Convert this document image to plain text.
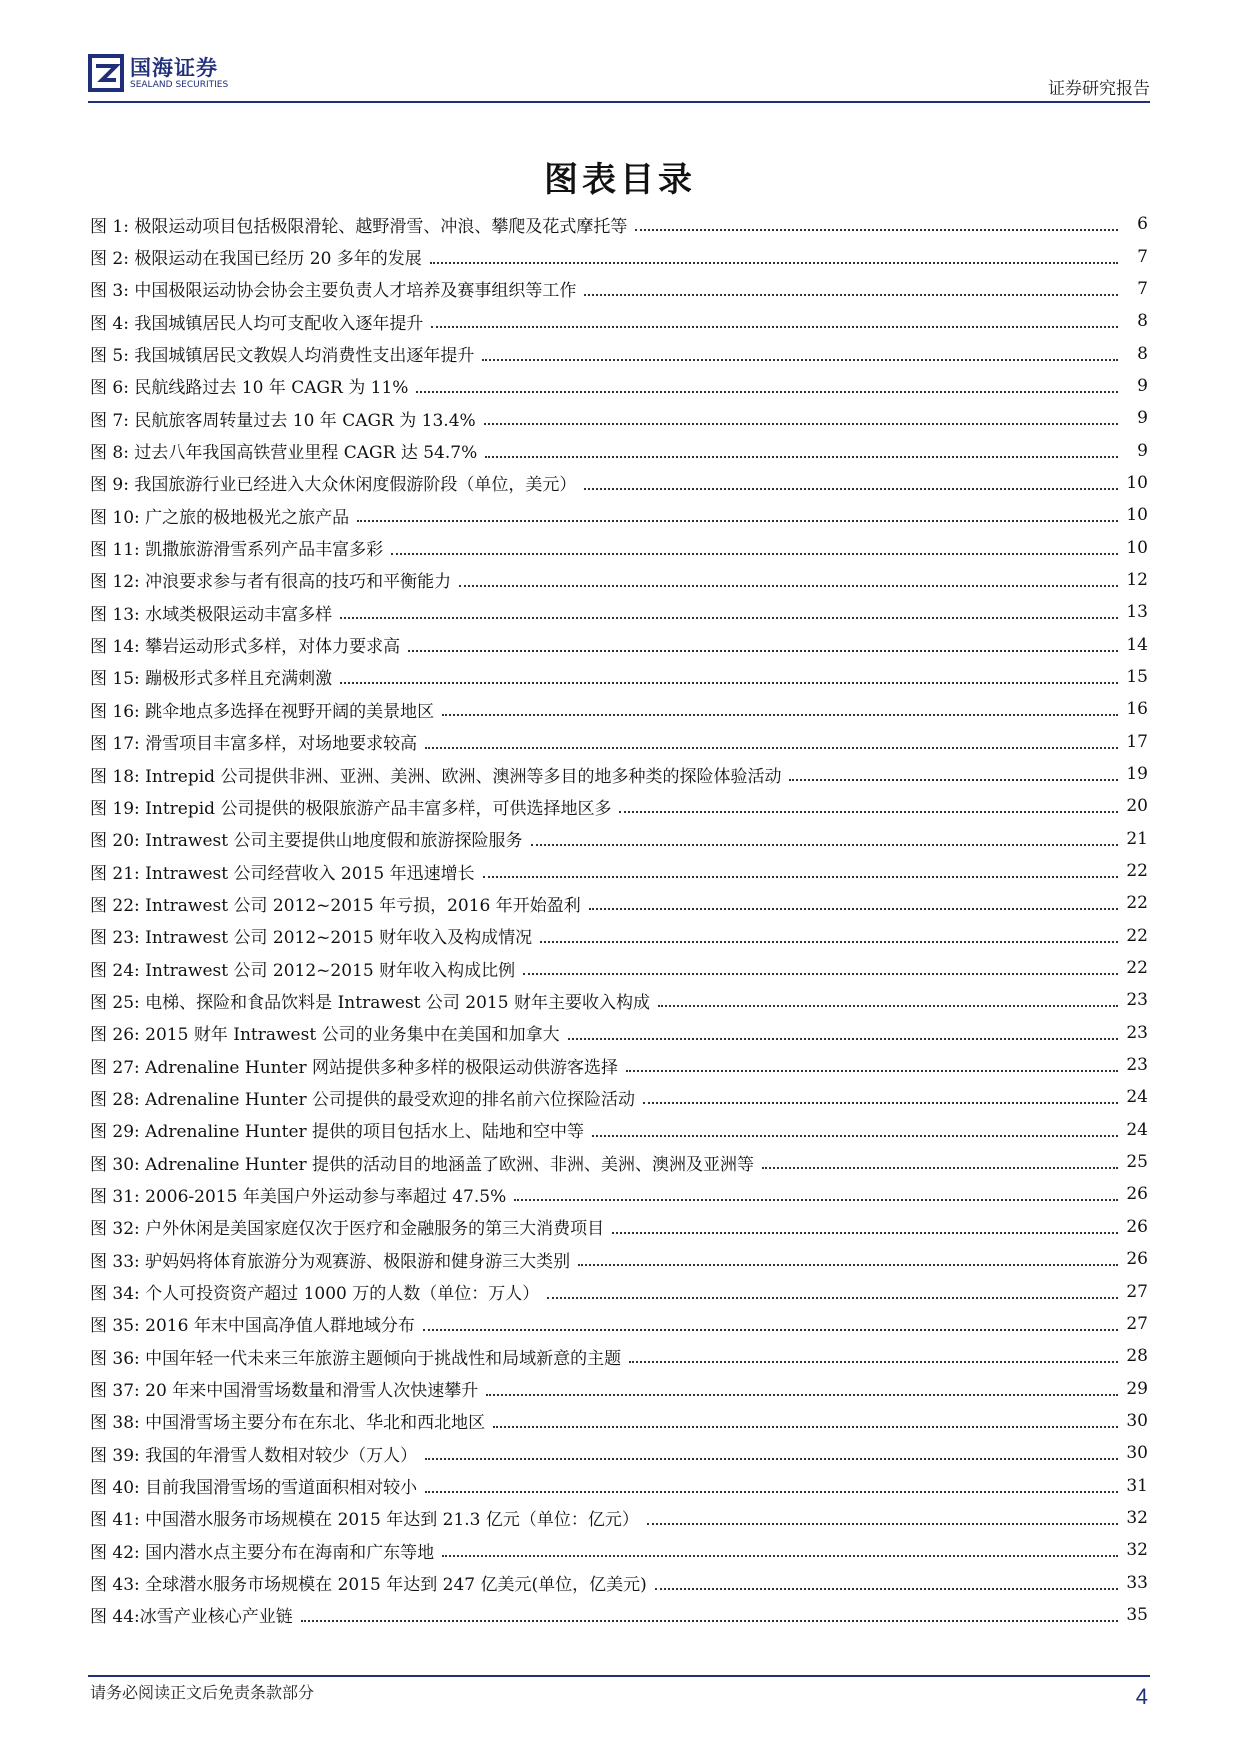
国海证券
SEALAND SECURITIES	证券研究报告
图表目录
图 1: 极限运动项目包括极限滑轮、越野滑雪、冲浪、攀爬及花式摩托等	6
图 2: 极限运动在我国已经历 20 多年的发展	7
图 3: 中国极限运动协会协会主要负责人才培养及赛事组织等工作	7
图 4: 我国城镇居民人均可支配收入逐年提升	8
图 5: 我国城镇居民文教娱人均消费性支出逐年提升	8
图 6: 民航线路过去 10 年 CAGR 为 11%	9
图 7: 民航旅客周转量过去 10 年 CAGR 为 13.4%	9
图 8: 过去八年我国高铁营业里程 CAGR 达 54.7%	9
图 9: 我国旅游行业已经进入大众休闲度假游阶段（单位，美元）	10
图 10: 广之旅的极地极光之旅产品	10
图 11: 凯撒旅游滑雪系列产品丰富多彩	10
图 12: 冲浪要求参与者有很高的技巧和平衡能力	12
图 13: 水域类极限运动丰富多样	13
图 14: 攀岩运动形式多样，对体力要求高	14
图 15: 蹦极形式多样且充满刺激	15
图 16: 跳伞地点多选择在视野开阔的美景地区	16
图 17: 滑雪项目丰富多样，对场地要求较高	17
图 18: Intrepid 公司提供非洲、亚洲、美洲、欧洲、澳洲等多目的地多种类的探险体验活动	19
图 19: Intrepid 公司提供的极限旅游产品丰富多样，可供选择地区多	20
图 20: Intrawest 公司主要提供山地度假和旅游探险服务	21
图 21: Intrawest 公司经营收入 2015 年迅速增长	22
图 22: Intrawest 公司 2012~2015 年亏损，2016 年开始盈利	22
图 23: Intrawest 公司 2012~2015 财年收入及构成情况	22
图 24: Intrawest 公司 2012~2015 财年收入构成比例	22
图 25: 电梯、探险和食品饮料是 Intrawest 公司 2015 财年主要收入构成	23
图 26: 2015 财年 Intrawest 公司的业务集中在美国和加拿大	23
图 27: Adrenaline Hunter 网站提供多种多样的极限运动供游客选择	23
图 28: Adrenaline Hunter 公司提供的最受欢迎的排名前六位探险活动	24
图 29: Adrenaline Hunter 提供的项目包括水上、陆地和空中等	24
图 30: Adrenaline Hunter 提供的活动目的地涵盖了欧洲、非洲、美洲、澳洲及亚洲等	25
图 31: 2006-2015 年美国户外运动参与率超过 47.5%	26
图 32: 户外休闲是美国家庭仅次于医疗和金融服务的第三大消费项目	26
图 33: 驴妈妈将体育旅游分为观赛游、极限游和健身游三大类别	26
图 34: 个人可投资资产超过 1000 万的人数（单位：万人）	27
图 35: 2016 年末中国高净值人群地域分布	27
图 36: 中国年轻一代未来三年旅游主题倾向于挑战性和局域新意的主题	28
图 37: 20 年来中国滑雪场数量和滑雪人次快速攀升	29
图 38: 中国滑雪场主要分布在东北、华北和西北地区	30
图 39: 我国的年滑雪人数相对较少（万人）	30
图 40: 目前我国滑雪场的雪道面积相对较小	31
图 41: 中国潜水服务市场规模在 2015 年达到 21.3 亿元（单位：亿元）	32
图 42: 国内潜水点主要分布在海南和广东等地	32
图 43: 全球潜水服务市场规模在 2015 年达到 247 亿美元(单位，亿美元)	33
图 44:冰雪产业核心产业链	35
请务必阅读正文后免责条款部分	4
